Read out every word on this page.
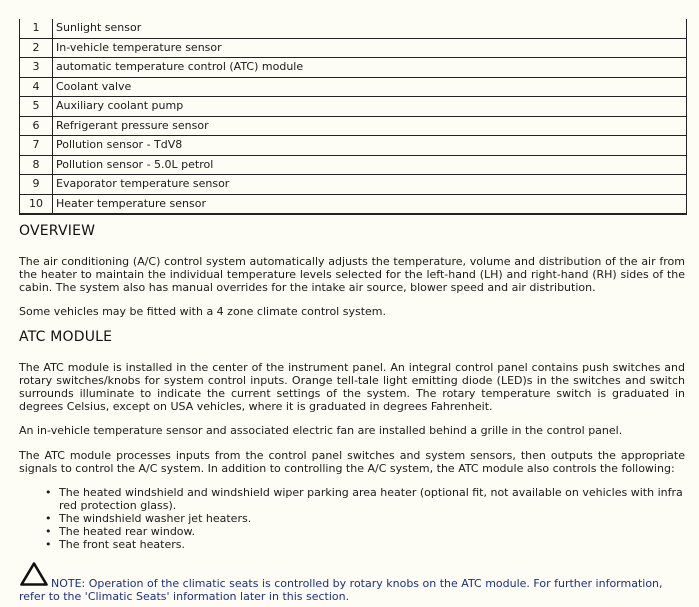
1	Sunlight sensor
2	In-vehicle temperature sensor
3	automatic temperature control (ATC) module
4	Coolant valve
5	Auxiliary coolant pump
6	Refrigerant pressure sensor
7	Pollution sensor - TdV8
8	Pollution sensor - 5.0L petrol
9	Evaporator temperature sensor
10	Heater temperature sensor
OVERVIEW

The air conditioning (A/C) control system automatically adjusts the temperature, volume and distribution of the air from the heater to maintain the individual temperature levels selected for the left-hand (LH) and right-hand (RH) sides of the cabin. The system also has manual overrides for the intake air source, blower speed and air distribution.

Some vehicles may be fitted with a 4 zone climate control system.

ATC MODULE

The ATC module is installed in the center of the instrument panel. An integral control panel contains push switches and rotary switches/knobs for system control inputs. Orange tell-tale light emitting diode (LED)s in the switches and switch surrounds illuminate to indicate the current settings of the system. The rotary temperature switch is graduated in degrees Celsius, except on USA vehicles, where it is graduated in degrees Fahrenheit.

An in-vehicle temperature sensor and associated electric fan are installed behind a grille in the control panel.

The ATC module processes inputs from the control panel switches and system sensors, then outputs the appropriate signals to control the A/C system. In addition to controlling the A/C system, the ATC module also controls the following:

• The heated windshield and windshield wiper parking area heater (optional fit, not available on vehicles with infra red protection glass).
• The windshield washer jet heaters.
• The heated rear window.
• The front seat heaters.
NOTE: Operation of the climatic seats is controlled by rotary knobs on the ATC module. For further information, refer to the 'Climatic Seats' information later in this section.
